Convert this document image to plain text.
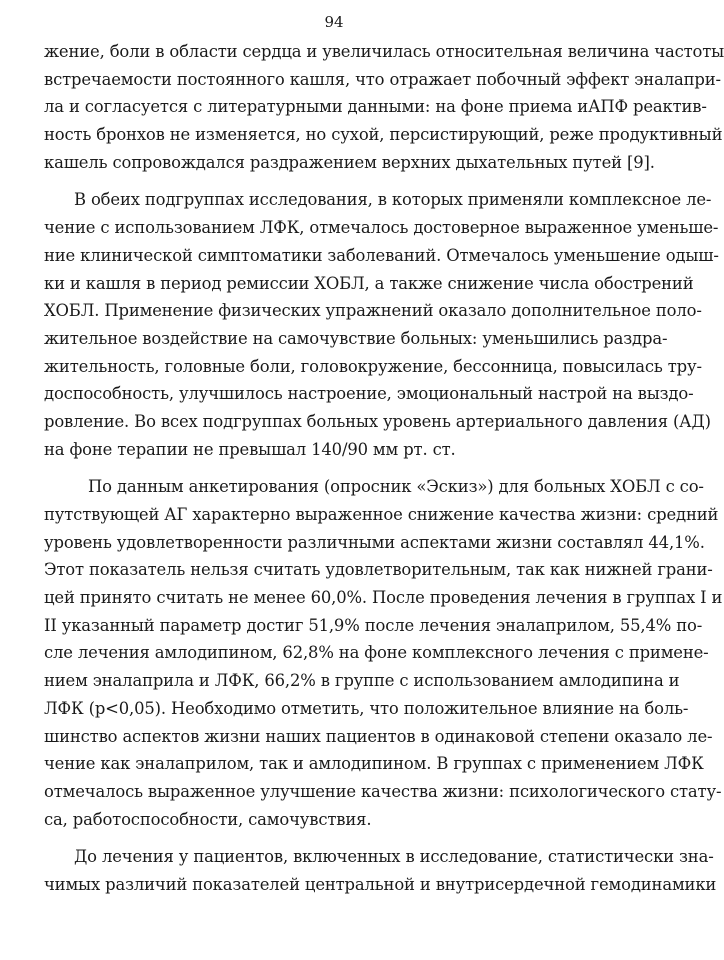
94
жение, боли в области сердца и увеличилась относительная величина частоты
встречаемости постоянного кашля, что отражает побочный эффект эналапри-
ла и согласуется с литературными данными: на фоне приема иАПФ реактив-
ность бронхов не изменяется, но сухой, персистирующий, реже продуктивный
кашель сопровождался раздражением верхних дыхательных путей [9].
В обеих подгруппах исследования, в которых применяли комплексное ле-
чение с использованием ЛФК, отмечалось достоверное выраженное уменьше-
ние клинической симптоматики заболеваний. Отмечалось уменьшение одыш-
ки и кашля в период ремиссии ХОБЛ, а также снижение числа обострений
ХОБЛ. Применение физических упражнений оказало дополнительное поло-
жительное воздействие на самочувствие больных: уменьшились раздра-
жительность, головные боли, головокружение, бессонница, повысилась тру-
доспособность, улучшилось настроение, эмоциональный настрой на выздо-
ровление. Во всех подгруппах больных уровень артериального давления (АД)
на фоне терапии не превышал 140/90 мм рт. ст.
По данным анкетирования (опросник «Эскиз») для больных ХОБЛ с со-
путствующей АГ характерно выраженное снижение качества жизни: средний
уровень удовлетворенности различными аспектами жизни составлял 44,1%.
Этот показатель нельзя считать удовлетворительным, так как нижней грани-
цей принято считать не менее 60,0%. После проведения лечения в группах I и
II указанный параметр достиг 51,9% после лечения эналаприлом, 55,4% по-
сле лечения амлодипином, 62,8% на фоне комплексного лечения с примене-
нием эналаприла и ЛФК, 66,2% в группе с использованием амлодипина и
ЛФК (р<0,05). Необходимо отметить, что положительное влияние на боль-
шинство аспектов жизни наших пациентов в одинаковой степени оказало ле-
чение как эналаприлом, так и амлодипином. В группах с применением ЛФК
отмечалось выраженное улучшение качества жизни: психологического стату-
са, работоспособности, самочувствия.
До лечения у пациентов, включенных в исследование, статистически зна-
чимых различий показателей центральной и внутрисердечной гемодинамики
